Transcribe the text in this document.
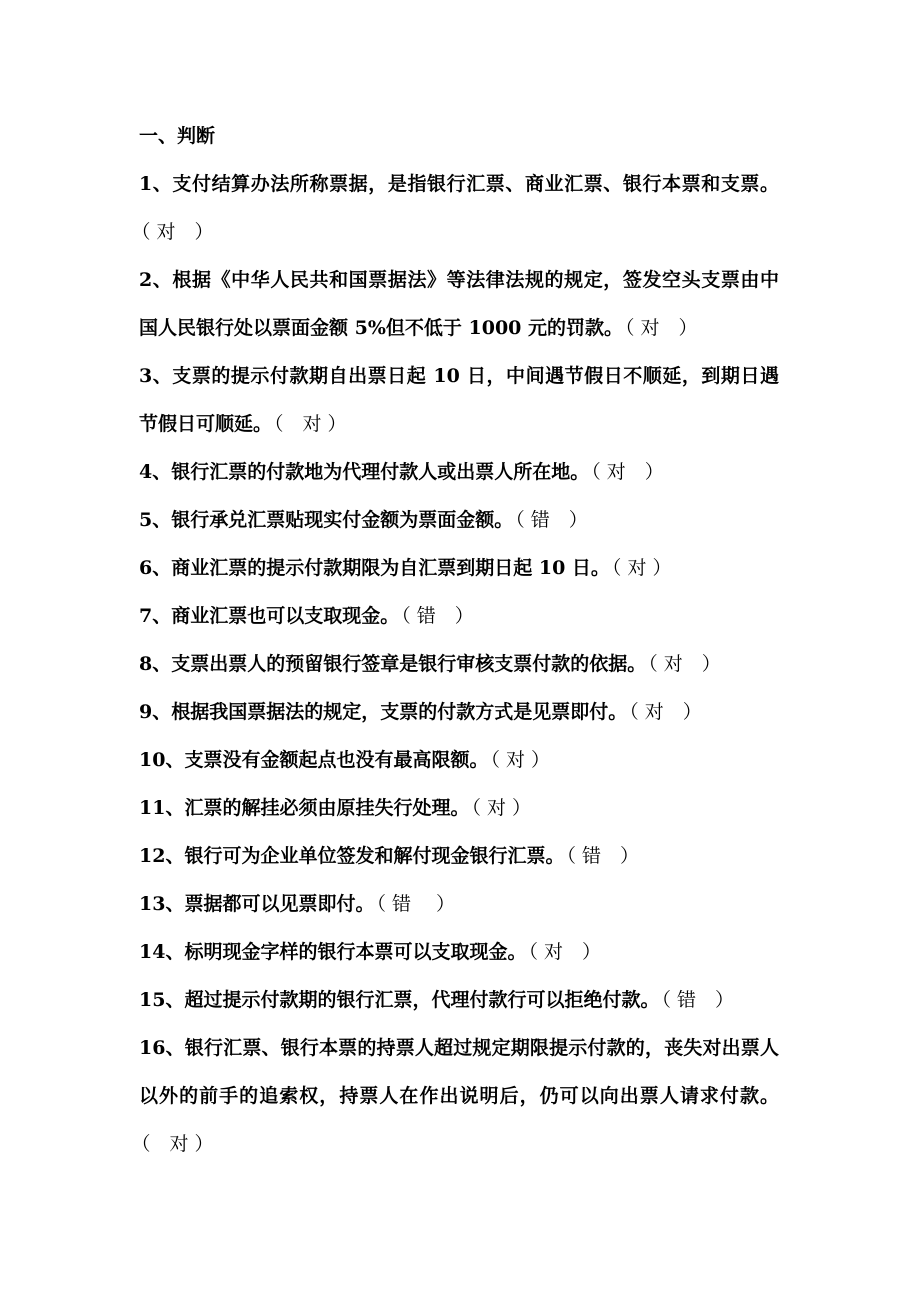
一、判断
1、支付结算办法所称票据，是指银行汇票、商业汇票、银行本票和支票。（ 对　）
2、根据《中华人民共和国票据法》等法律法规的规定，签发空头支票由中国人民银行处以票面金额 5%但不低于 1000 元的罚款。 （ 对　）
3、支票的提示付款期自出票日起 10 日，中间遇节假日不顺延，到期日遇节假日可顺延。 （　对 ）
4、银行汇票的付款地为代理付款人或出票人所在地。 （ 对　）
5、银行承兑汇票贴现实付金额为票面金额。 （ 错　）
6、商业汇票的提示付款期限为自汇票到期日起 10 日。 （ 对 ）
7、商业汇票也可以支取现金。 （ 错　）
8、支票出票人的预留银行签章是银行审核支票付款的依据。 （ 对　）
9、根据我国票据法的规定，支票的付款方式是见票即付。 （ 对　）
10、支票没有金额起点也没有最高限额。 （ 对 ）
11、汇票的解挂必须由原挂失行处理。 （ 对 ）
12、银行可为企业单位签发和解付现金银行汇票。 （ 错　）
13、票据都可以见票即付。 （ 错　 ）
14、标明现金字样的银行本票可以支取现金。 （ 对　）
15、超过提示付款期的银行汇票，代理付款行可以拒绝付款。 （ 错　）
16、银行汇票、银行本票的持票人超过规定期限提示付款的，丧失对出票人以外的前手的追索权，持票人在作出说明后，仍可以向出票人请求付款。（　对 ）
